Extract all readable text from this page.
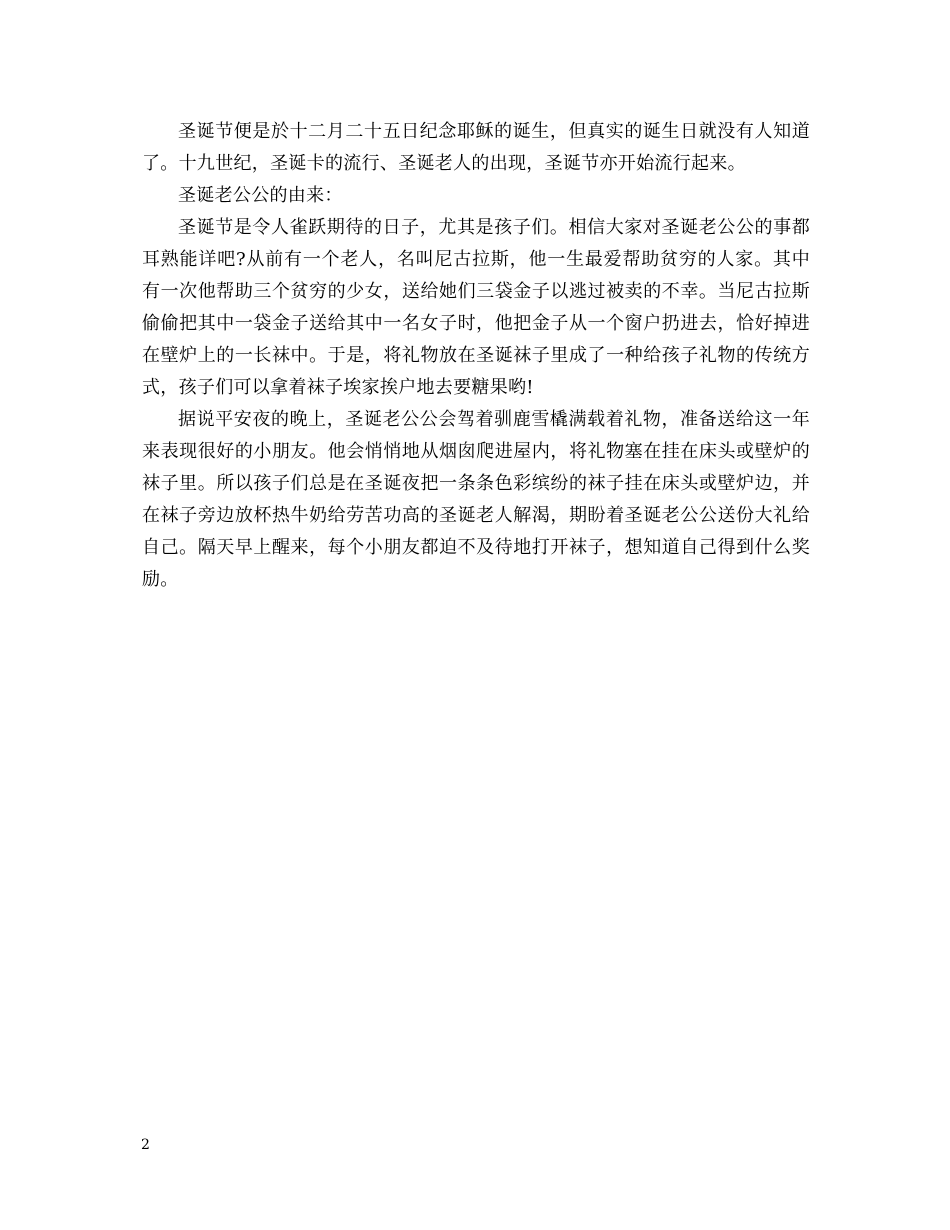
圣诞节便是於十二月二十五日纪念耶稣的诞生，但真实的诞生日就没有人知道了。十九世纪，圣诞卡的流行、圣诞老人的出现，圣诞节亦开始流行起来。

圣诞老公公的由来：

圣诞节是令人雀跃期待的日子，尤其是孩子们。相信大家对圣诞老公公的事都耳熟能详吧?从前有一个老人，名叫尼古拉斯，他一生最爱帮助贫穷的人家。其中有一次他帮助三个贫穷的少女，送给她们三袋金子以逃过被卖的不幸。当尼古拉斯偷偷把其中一袋金子送给其中一名女子时，他把金子从一个窗户扔进去，恰好掉进在壁炉上的一长袜中。于是，将礼物放在圣诞袜子里成了一种给孩子礼物的传统方式，孩子们可以拿着袜子埃家挨户地去要糖果哟!

据说平安夜的晚上，圣诞老公公会驾着驯鹿雪橇满载着礼物，准备送给这一年来表现很好的小朋友。他会悄悄地从烟囱爬进屋内，将礼物塞在挂在床头或壁炉的袜子里。所以孩子们总是在圣诞夜把一条条色彩缤纷的袜子挂在床头或壁炉边，并在袜子旁边放杯热牛奶给劳苦功高的圣诞老人解渴，期盼着圣诞老公公送份大礼给自己。隔天早上醒来，每个小朋友都迫不及待地打开袜子，想知道自己得到什么奖励。

2
